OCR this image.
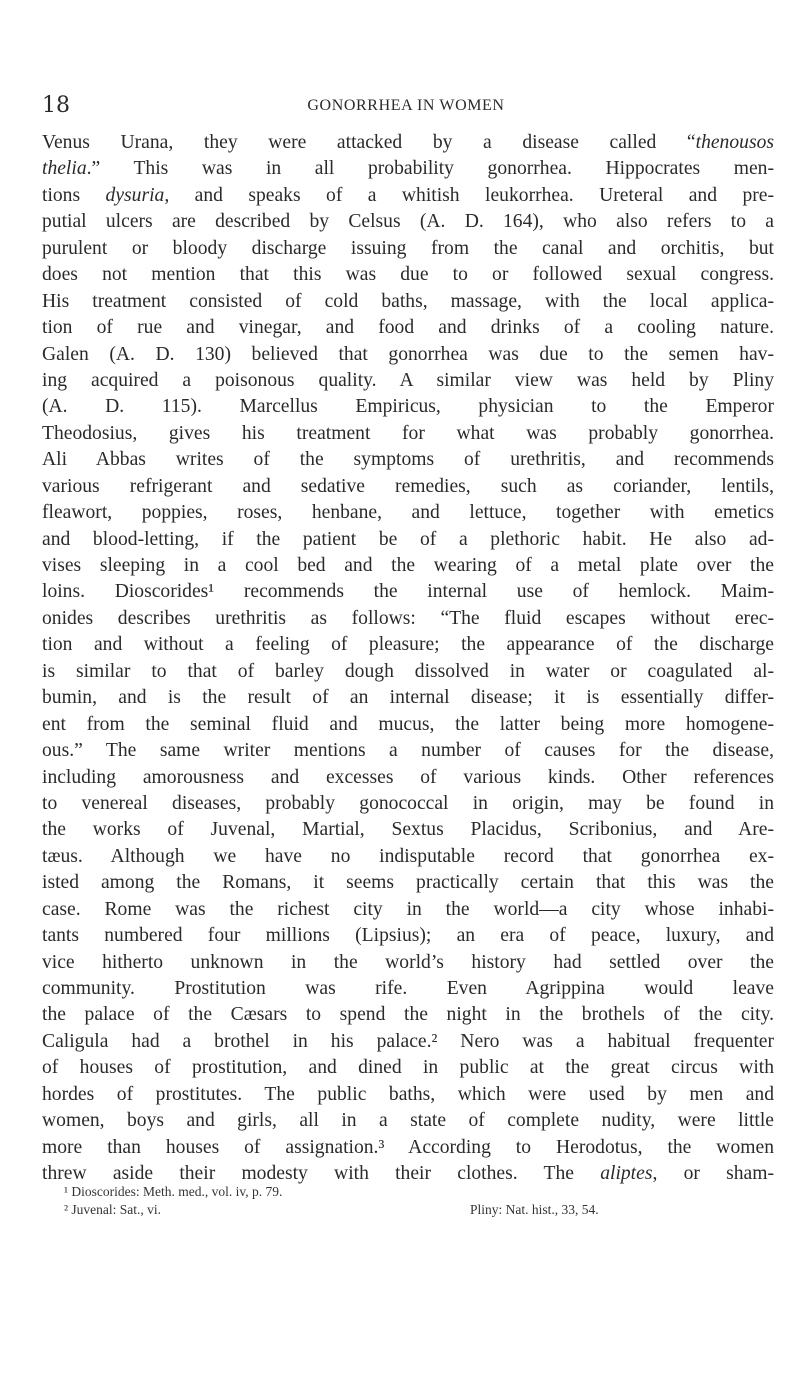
18	GONORRHEA IN WOMEN
Venus Urana, they were attacked by a disease called “thenousos
thelia.” This was in all probability gonorrhea. Hippocrates men-
tions dysuria, and speaks of a whitish leukorrhea. Ureteral and pre-
putial ulcers are described by Celsus (A. D. 164), who also refers to a
purulent or bloody discharge issuing from the canal and orchitis, but
does not mention that this was due to or followed sexual congress.
His treatment consisted of cold baths, massage, with the local applica-
tion of rue and vinegar, and food and drinks of a cooling nature.
Galen (A. D. 130) believed that gonorrhea was due to the semen hav-
ing acquired a poisonous quality. A similar view was held by Pliny
(A. D. 115). Marcellus Empiricus, physician to the Emperor
Theodosius, gives his treatment for what was probably gonorrhea.
Ali Abbas writes of the symptoms of urethritis, and recommends
various refrigerant and sedative remedies, such as coriander, lentils,
fleawort, poppies, roses, henbane, and lettuce, together with emetics
and blood-letting, if the patient be of a plethoric habit. He also ad-
vises sleeping in a cool bed and the wearing of a metal plate over the
loins. Dioscorides¹ recommends the internal use of hemlock. Maim-
onides describes urethritis as follows: “The fluid escapes without erec-
tion and without a feeling of pleasure; the appearance of the discharge
is similar to that of barley dough dissolved in water or coagulated al-
bumin, and is the result of an internal disease; it is essentially differ-
ent from the seminal fluid and mucus, the latter being more homogene-
ous.” The same writer mentions a number of causes for the disease,
including amorousness and excesses of various kinds. Other references
to venereal diseases, probably gonococcal in origin, may be found in
the works of Juvenal, Martial, Sextus Placidus, Scribonius, and Are-
tæus. Although we have no indisputable record that gonorrhea ex-
isted among the Romans, it seems practically certain that this was the
case. Rome was the richest city in the world—a city whose inhabi-
tants numbered four millions (Lipsius); an era of peace, luxury, and
vice hitherto unknown in the world’s history had settled over the
community. Prostitution was rife. Even Agrippina would leave
the palace of the Cæsars to spend the night in the brothels of the city.
Caligula had a brothel in his palace.² Nero was a habitual frequenter
of houses of prostitution, and dined in public at the great circus with
hordes of prostitutes. The public baths, which were used by men and
women, boys and girls, all in a state of complete nudity, were little
more than houses of assignation.³ According to Herodotus, the women
threw aside their modesty with their clothes. The aliptes, or sham-
¹ Dioscorides: Meth. med., vol. iv, p. 79.
² Juvenal: Sat., vi.	Pliny: Nat. hist., 33, 54.
